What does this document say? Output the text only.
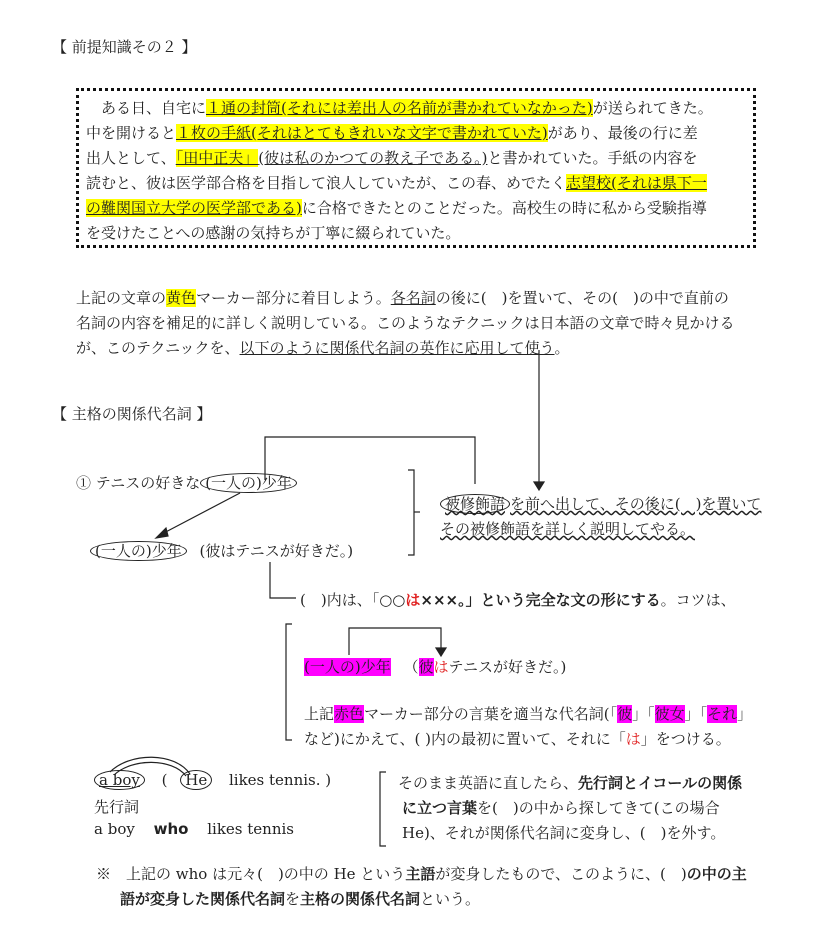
【 前提知識その２ 】
　ある日、自宅に１通の封筒(それには差出人の名前が書かれていなかった)が送られてきた。
中を開けると１枚の手紙(それはとてもきれいな文字で書かれていた)があり、最後の行に差
出人として、「田中正夫」(彼は私のかつての教え子である。)と書かれていた。手紙の内容を
読むと、彼は医学部合格を目指して浪人していたが、この春、めでたく志望校(それは県下一
の難関国立大学の医学部である)に合格できたとのことだった。高校生の時に私から受験指導
を受けたことへの感謝の気持ちが丁寧に綴られていた。
上記の文章の黄色マーカー部分に着目しよう。各名詞の後に(　)を置いて、その(　)の中で直前の
名詞の内容を補足的に詳しく説明している。このようなテクニックは日本語の文章で時々見かける
が、このテクニックを、以下のように関係代名詞の英作に応用して使う。
【 主格の関係代名詞 】
① テニスの好きな (一人の)少年
(一人の)少年 (彼はテニスが好きだ。)
被修飾語 を前へ出して、その後に(　)を置いて
その被修飾語を詳しく説明してやる。
(　)内は、「○○は×××。」という完全な文の形にする。コツは、
(一人の)少年 （彼はテニスが好きだ。)
上記赤色マーカー部分の言葉を適当な代名詞(「彼」「彼女」「それ」
など)にかえて、( )内の最初に置いて、それに「は」をつける。
a boy ( He likes tennis. )
先行詞
a boy who likes tennis
そのまま英語に直したら、先行詞とイコールの関係
に立つ言葉を(　)の中から探してきて(この場合
He)、それが関係代名詞に変身し、(　)を外す。
※　 上記の who は元々(　)の中の He という主語が変身したもので、このように、(　)の中の主
語が変身した関係代名詞を主格の関係代名詞という。
